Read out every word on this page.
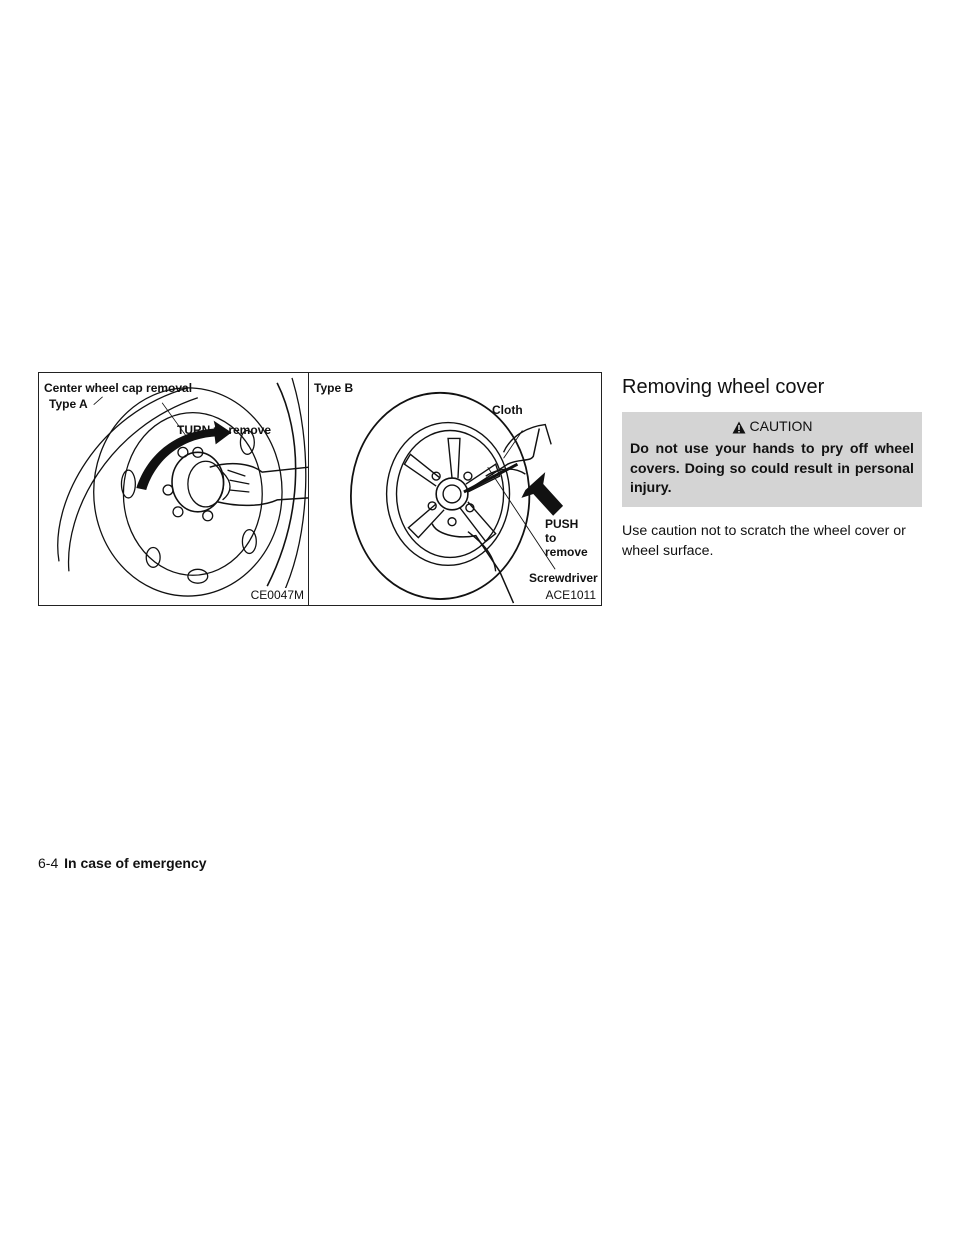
Center wheel cap removal
Type A
TURN to remove
CE0047M
Type B
Cloth
PUSH
to remove
Screwdriver
ACE1011
Removing wheel cover
CAUTION
Do not use your hands to pry off wheel covers. Doing so could result in personal injury.
Use caution not to scratch the wheel cover or wheel surface.
6-4 In case of emergency
